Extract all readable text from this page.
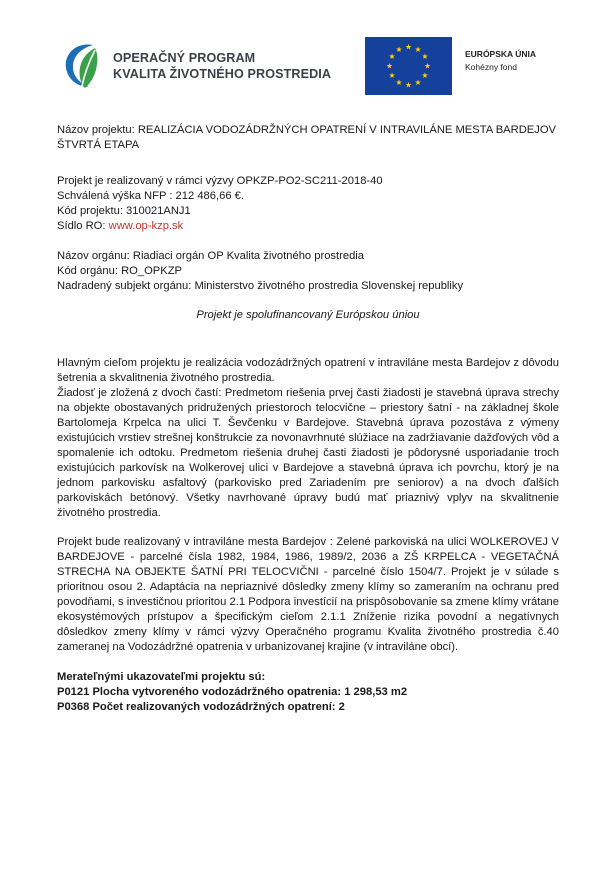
OPERAČNÝ PROGRAM
KVALITA ŽIVOTNÉHO PROSTREDIA
EURÓPSKA ÚNIA
Kohézny fond

Názov projektu: REALIZÁCIA VODOZÁDRŽNÝCH OPATRENÍ V INTRAVILÁNE MESTA BARDEJOV ŠTVRTÁ ETAPA

Projekt je realizovaný v rámci výzvy OPKZP-PO2-SC211-2018-40

Schválená výška NFP : 212 486,66 €.

Kód projektu: 310021ANJ1

Sídlo RO: www.op-kzp.sk

Názov orgánu: Riadiaci orgán OP Kvalita životného prostredia

Kód orgánu: RO_OPKZP

Nadradený subjekt orgánu: Ministerstvo životného prostredia Slovenskej republiky

Projekt je spolufinancovaný Európskou úniou

Hlavným cieľom projektu je realizácia vodozádržných opatrení v intraviláne mesta Bardejov z dôvodu šetrenia a skvalitnenia životného prostredia.

Žiadosť je zložená z dvoch častí: Predmetom riešenia prvej časti žiadosti je stavebná úprava strechy na objekte obostavaných pridružených priestoroch telocvične – priestory šatní - na základnej škole Bartolomeja Krpelca na ulici T. Ševčenku v Bardejove. Stavebná úprava pozostáva z výmeny existujúcich vrstiev strešnej konštrukcie za novonavrhnuté slúžiace na zadržiavanie dažďových vôd a spomalenie ich odtoku. Predmetom riešenia druhej časti žiadosti je pôdorysné usporiadanie troch existujúcich parkovísk na Wolkerovej ulici v Bardejove a stavebná úprava ich povrchu, ktorý je na jednom parkovisku asfaltový (parkovisko pred Zariadením pre seniorov) a na dvoch ďalších parkoviskách betónový. Všetky navrhované úpravy budú mať priaznivý vplyv na skvalitnenie životného prostredia.

Projekt bude realizovaný v intraviláne mesta Bardejov : Zelené parkoviská na ulici WOLKEROVEJ V BARDEJOVE - parcelné čísla 1982, 1984, 1986, 1989/2, 2036 a ZŠ KRPELCA - VEGETAČNÁ STRECHA NA OBJEKTE ŠATNÍ PRI TELOCVIČNI - parcelné číslo 1504/7. Projekt je v súlade s prioritnou osou 2. Adaptácia na nepriaznivé dôsledky zmeny klímy so zameraním na ochranu pred povodňami, s investičnou prioritou 2.1 Podpora investícií na prispôsobovanie sa zmene klímy vrátane ekosystémových prístupov a špecifickým cieľom 2.1.1 Zníženie rizika povodní a negatívnych dôsledkov zmeny klímy v rámci výzvy Operačného programu Kvalita životného prostredia č.40 zameranej na Vodozádržné opatrenia v urbanizovanej krajine (v intraviláne obcí).

Merateľnými ukazovateľmi projektu sú:

P0121 Plocha vytvoreného vodozádržného opatrenia: 1 298,53 m2

P0368 Počet realizovaných vodozádržných opatrení: 2
